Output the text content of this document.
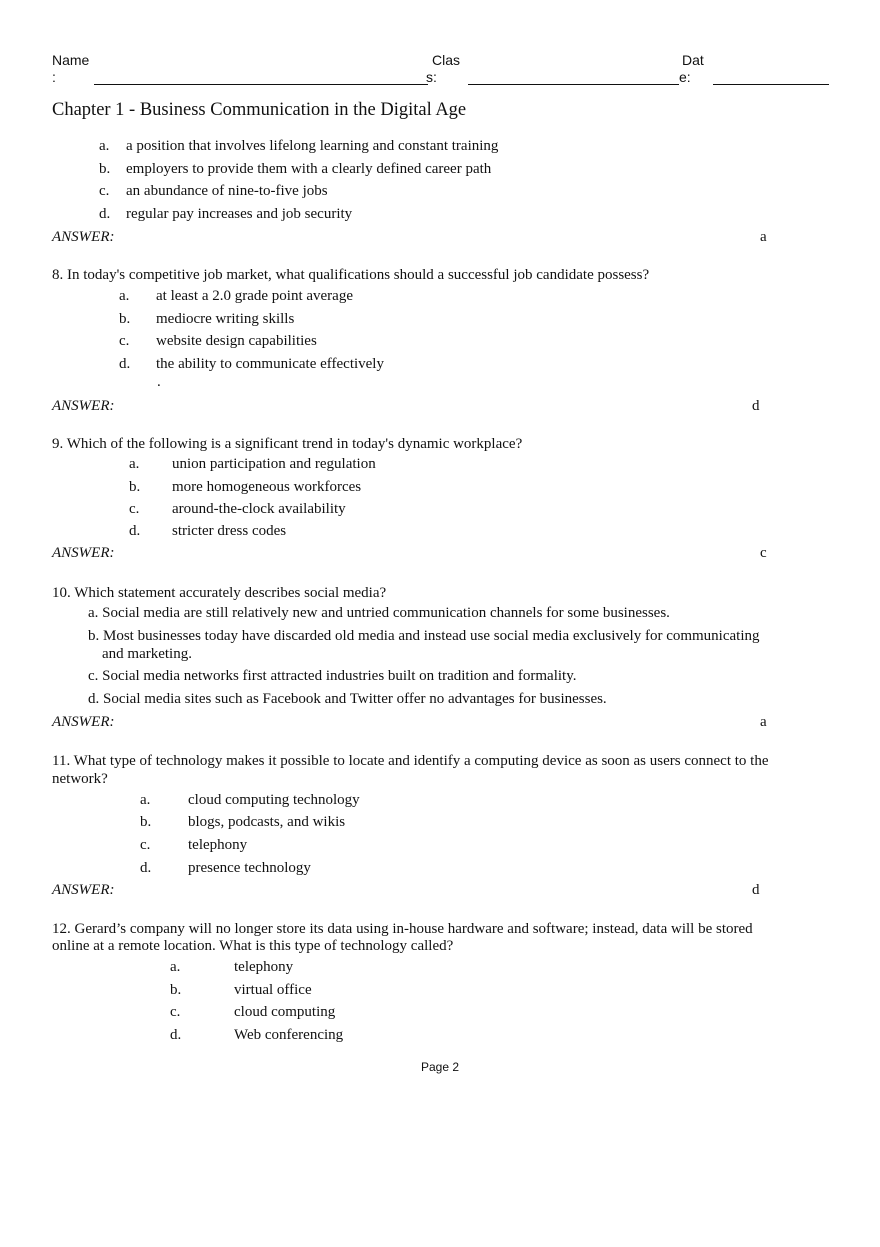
Name
:
Clas
s:
Dat
e:
Chapter 1 - Business Communication in the Digital Age
a. a position that involves lifelong learning and constant training
b. employers to provide them with a clearly defined career path
c. an abundance of nine-to-five jobs
d. regular pay increases and job security
ANSWER:	a
8. In today's competitive job market, what qualifications should a successful job candidate possess?
a. at least a 2.0 grade point average
b. mediocre writing skills
c. website design capabilities
d. the ability to communicate effectively
.
ANSWER:	d
9. Which of the following is a significant trend in today's dynamic workplace?
a. union participation and regulation
b. more homogeneous workforces
c. around-the-clock availability
d. stricter dress codes
ANSWER:	c
10. Which statement accurately describes social media?
a. Social media are still relatively new and untried communication channels for some businesses.
b. Most businesses today have discarded old media and instead use social media exclusively for communicating
and marketing.
c. Social media networks first attracted industries built on tradition and formality.
d. Social media sites such as Facebook and Twitter offer no advantages for businesses.
ANSWER:	a
11. What type of technology makes it possible to locate and identify a computing device as soon as users connect to the
network?
a.	cloud computing technology
b. blogs, podcasts, and wikis
c.	telephony
d. presence technology
ANSWER:	d
12. Gerard’s company will no longer store its data using in-house hardware and software; instead, data will be stored
online at a remote location. What is this type of technology called?
a.	telephony
b.	virtual office
c.	cloud computing
d.	Web conferencing
Page 2
